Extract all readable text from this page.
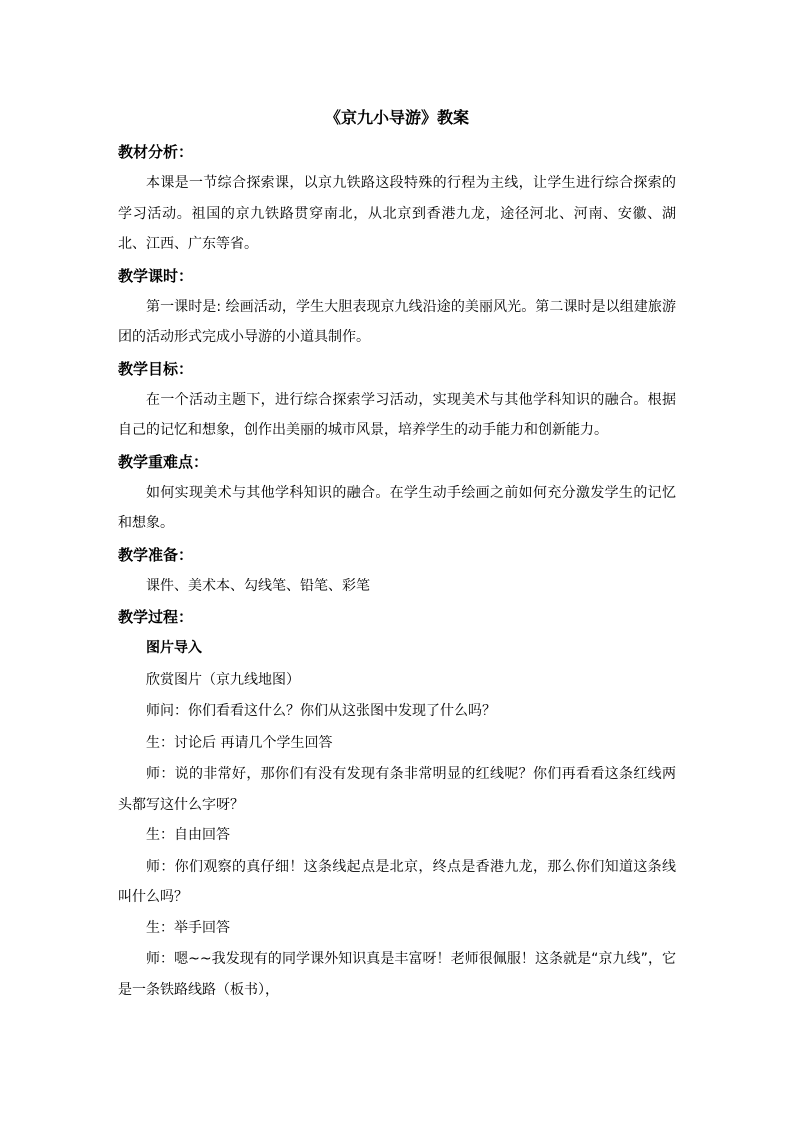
《京九小导游》教案

教材分析：

本课是一节综合探索课，以京九铁路这段特殊的行程为主线，让学生进行综合探索的学习活动。祖国的京九铁路贯穿南北，从北京到香港九龙，途径河北、河南、安徽、湖北、江西、广东等省。

教学课时：

第一课时是: 绘画活动，学生大胆表现京九线沿途的美丽风光。第二课时是以组建旅游团的活动形式完成小导游的小道具制作。

教学目标：

在一个活动主题下，进行综合探索学习活动，实现美术与其他学科知识的融合。根据自己的记忆和想象，创作出美丽的城市风景，培养学生的动手能力和创新能力。

教学重难点：

如何实现美术与其他学科知识的融合。在学生动手绘画之前如何充分激发学生的记忆和想象。

教学准备：

课件、美术本、勾线笔、铅笔、彩笔

教学过程：

图片导入

欣赏图片（京九线地图）

师问：你们看看这什么？你们从这张图中发现了什么吗？

生：讨论后 再请几个学生回答

师：说的非常好，那你们有没有发现有条非常明显的红线呢？你们再看看这条红线两头都写这什么字呀？

生：自由回答

师：你们观察的真仔细！这条线起点是北京，终点是香港九龙，那么你们知道这条线叫什么吗？

生：举手回答

师：嗯~~我发现有的同学课外知识真是丰富呀！老师很佩服！这条就是“京九线”，它是一条铁路线路（板书），
